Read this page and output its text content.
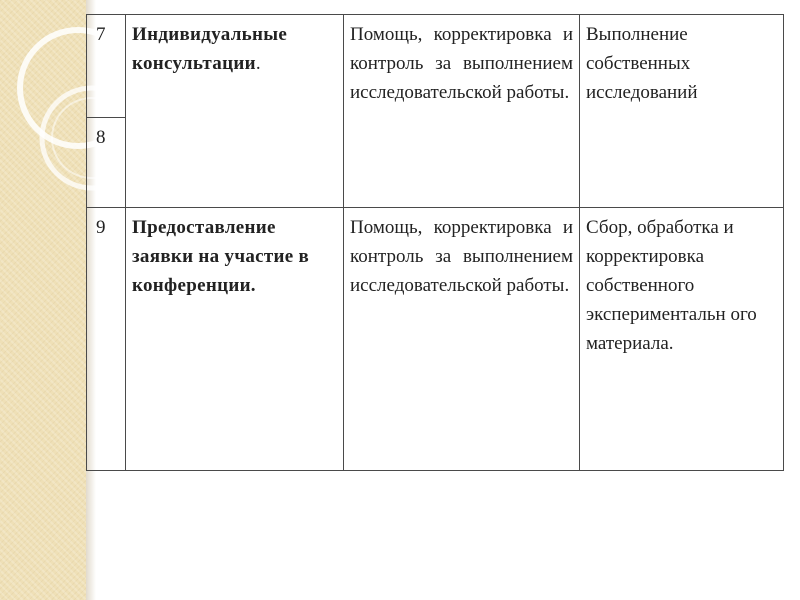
7	Индивидуальные консультации.	Помощь, корректировка и контроль за выполнением исследовательской работы.	Выполнение собственных исследований
8			
9	Предоставление заявки на участие в конференции.	Помощь, корректировка и контроль за выполнением исследовательской работы.	Сбор, обработка и корректировка собственного экспериментальн ого материала.
